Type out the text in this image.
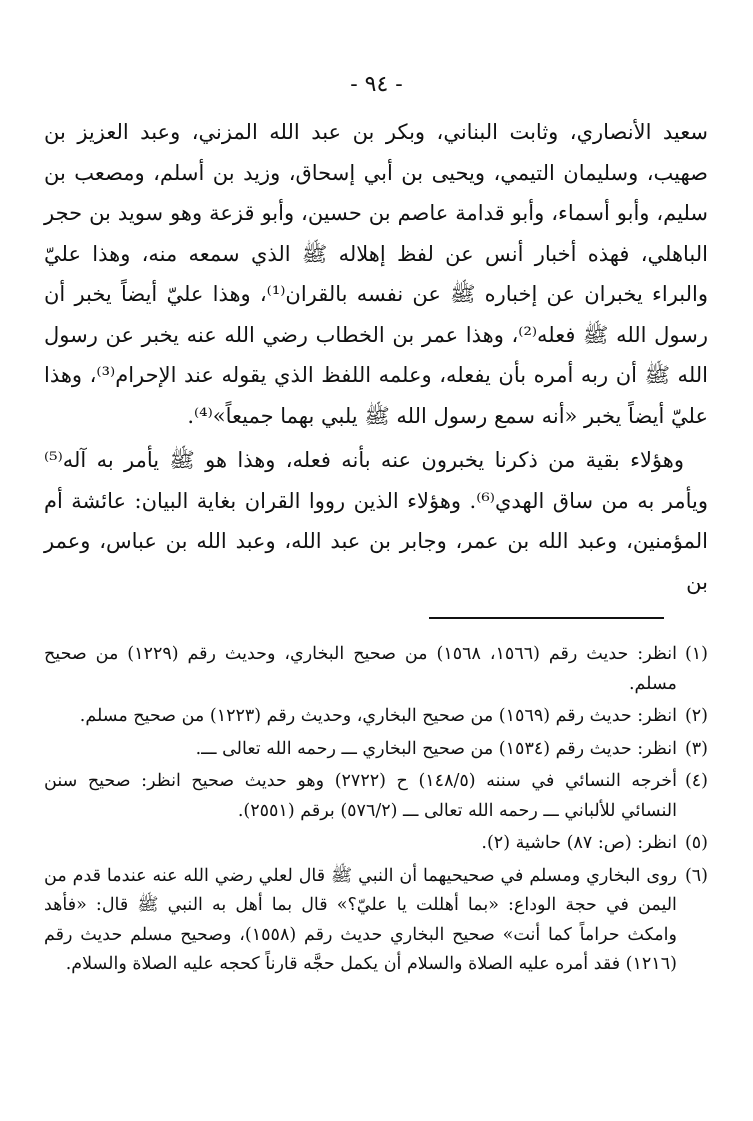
- ٩٤ -

سعيد الأنصاري، وثابت البناني، وبكر بن عبد الله المزني، وعبد العزيز بن صهيب، وسليمان التيمي، ويحيى بن أبي إسحاق، وزيد بن أسلم، ومصعب بن سليم، وأبو أسماء، وأبو قدامة عاصم بن حسين، وأبو قزعة وهو سويد بن حجر الباهلي، فهذه أخبار أنس عن لفظ إهلاله ﷺ الذي سمعه منه، وهذا عليّ والبراء يخبران عن إخباره ﷺ عن نفسه بالقران⁽¹⁾، وهذا عليّ أيضاً يخبر أن رسول الله ﷺ فعله⁽²⁾، وهذا عمر بن الخطاب رضي الله عنه يخبر عن رسول الله ﷺ أن ربه أمره بأن يفعله، وعلمه اللفظ الذي يقوله عند الإحرام⁽³⁾، وهذا عليّ أيضاً يخبر «أنه سمع رسول الله ﷺ يلبي بهما جميعاً»⁽⁴⁾.

وهؤلاء بقية من ذكرنا يخبرون عنه بأنه فعله، وهذا هو ﷺ يأمر به آله⁽⁵⁾ ويأمر به من ساق الهدي⁽⁶⁾. وهؤلاء الذين رووا القران بغاية البيان: عائشة أم المؤمنين، وعبد الله بن عمر، وجابر بن عبد الله، وعبد الله بن عباس، وعمر بن

(١)
انظر: حديث رقم (١٥٦٦، ١٥٦٨) من صحيح البخاري، وحديث رقم (١٢٢٩) من صحيح مسلم.
(٢)
انظر: حديث رقم (١٥٦٩) من صحيح البخاري، وحديث رقم (١٢٢٣) من صحيح مسلم.
(٣)
انظر: حديث رقم (١٥٣٤) من صحيح البخاري ـــ رحمه الله تعالى ـــ.
(٤)
أخرجه النسائي في سننه (١٤٨/٥) ح (٢٧٢٢) وهو حديث صحيح انظر: صحيح سنن النسائي للألباني ـــ رحمه الله تعالى ـــ (٥٧٦/٢) برقم (٢٥٥١).
(٥)
انظر: (ص: ٨٧) حاشية (٢).
(٦)
روى البخاري ومسلم في صحيحيهما أن النبي ﷺ قال لعلي رضي الله عنه عندما قدم من اليمن في حجة الوداع: «بما أهللت يا عليّ؟» قال بما أهل به النبي ﷺ قال: «فأهد وامكث حراماً كما أنت» صحيح البخاري حديث رقم (١٥٥٨)، وصحيح مسلم حديث رقم (١٢١٦) فقد أمره عليه الصلاة والسلام أن يكمل حجَّه قارناً كحجه عليه الصلاة والسلام.
